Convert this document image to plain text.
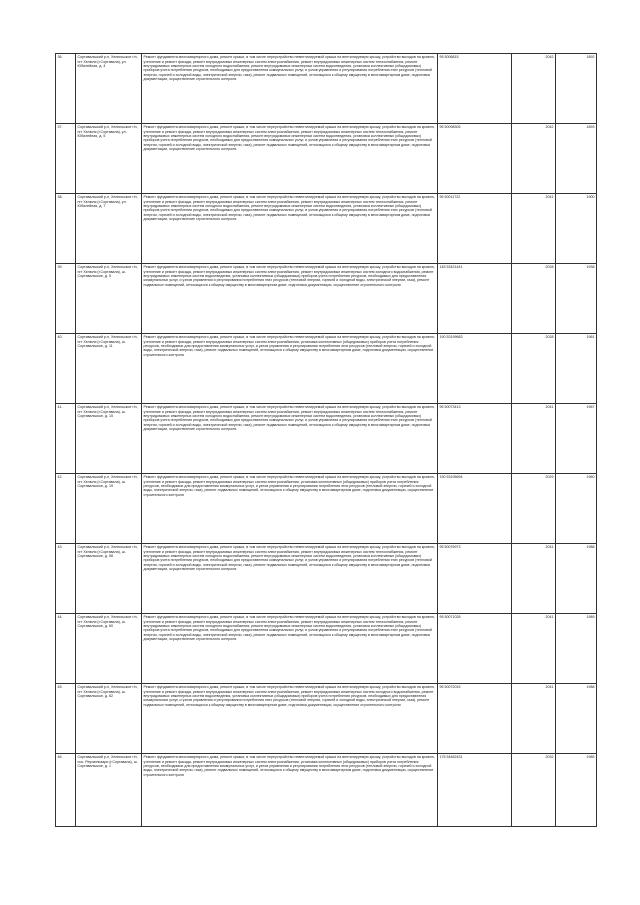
36.	Сортавальский р-н, Хелюльское г/п, пгт Хелюля (г.Сортавала), ул. Юбилейная, д. 4	Ремонт фундамента многоквартирного дома, ремонт крыши, в том числе переустройство невентилируемой крыши на вентилируемую крышу, устройство выходов на кровлю, утепление и ремонт фасада, ремонт внутридомовых инженерных систем электроснабжения, ремонт внутридомовых инженерных систем теплоснабжения, ремонт внутридомовых инженерных систем холодного водоснабжения, ремонт внутридомовых инженерных систем водоотведения, установка коллективных (общедомовых) приборов учета потребления ресурсов, необходимых для предоставления коммунальных услуг, и узлов управления и регулирования потребления этих ресурсов (тепловой энергии, горячей и холодной воды, электрической энергии, газа), ремонт подвальных помещений, относящихся к общему имуществу в многоквартирном доме, подготовка документации, осуществление строительного контроля	95 5006815	2042	1892
37.	Сортавальский р-н, Хелюльское г/п, пгт Хелюля (г.Сортавала), ул. Юбилейная, д. 5	Ремонт фундамента многоквартирного дома, ремонт крыши, в том числе переустройство невентилируемой крыши на вентилируемую крышу, устройство выходов на кровлю, утепление и ремонт фасада, ремонт внутридомовых инженерных систем электроснабжения, ремонт внутридомовых инженерных систем теплоснабжения, ремонт внутридомовых инженерных систем холодного водоснабжения, ремонт внутридомовых инженерных систем водоотведения, установка коллективных (общедомовых) приборов учета потребления ресурсов, необходимых для предоставления коммунальных услуг, и узлов управления и регулирования потребления этих ресурсов (тепловой энергии, горячей и холодной воды, электрической энергии, газа), ремонт подвальных помещений, относящихся к общему имуществу в многоквартирном доме, подготовка документации, осуществление строительного контроля	95 50098305	2042	1893
38.	Сортавальский р-н, Хелюльское г/п, пгт Хелюля (г.Сортавала), ул. Юбилейная, д. 7	Ремонт фундамента многоквартирного дома, ремонт крыши, в том числе переустройство невентилируемой крыши на вентилируемую крышу, устройство выходов на кровлю, утепление и ремонт фасада, ремонт внутридомовых инженерных систем электроснабжения, ремонт внутридомовых инженерных систем теплоснабжения, ремонт внутридомовых инженерных систем холодного водоснабжения, ремонт внутридомовых инженерных систем водоотведения, установка коллективных (общедомовых) приборов учета потребления ресурсов, необходимых для предоставления коммунальных услуг, и узлов управления и регулирования потребления этих ресурсов (тепловой энергии, горячей и холодной воды, электрической энергии, газа), ремонт подвальных помещений, относящихся к общему имуществу в многоквартирном доме, подготовка документации, осуществление строительного контроля	95 50011722	2041	1900
39.	Сортавальский р-н, Хелюльское г/п, пгт Хелюля (г.Сортавала), ш. Сортавальское, д. 5	Ремонт фундамента многоквартирного дома, ремонт крыши, в том числе переустройство невентилируемой крыши на вентилируемую крышу, устройство выходов на кровлю, утепление и ремонт фасада, ремонт внутридомовых инженерных систем электроснабжения, ремонт внутридомовых инженерных систем холодного водоснабжения, ремонт внутридомовых инженерных систем водоотведения, установка коллективных (общедомовых) приборов учета потребления ресурсов, необходимых для предоставления коммунальных услуг, и узлов управления и регулирования потребления этих ресурсов (тепловой энергии, горячей и холодной воды, электрической энергии, газа), ремонт подвальных помещений, относящихся к общему имуществу в многоквартирном доме, подготовка документации, осуществление строительного контроля	145 53421441	2028	1938
40.	Сортавальский р-н, Хелюльское г/п, пгт Хелюля (г.Сортавала), ш. Сортавальское, д. 11	Ремонт фундамента многоквартирного дома, ремонт крыши, в том числе переустройство невентилируемой крыши на вентилируемую крышу, устройство выходов на кровлю, утепление и ремонт фасада, ремонт внутридомовых инженерных систем электроснабжения, установка коллективных (общедомовых) приборов учета потребления ресурсов, необходимых для предоставления коммунальных услуг, и узлов управления и регулирования потребления этих ресурсов (тепловой энергии, горячей и холодной воды, электрической энергии, газа), ремонт подвальных помещений, относящихся к общему имуществу в многоквартирном доме, подготовка документации, осуществление строительного контроля	190 53199683	2028	1961
41.	Сортавальский р-н, Хелюльское г/п, пгт Хелюля (г.Сортавала), ш. Сортавальское, д. 15	Ремонт фундамента многоквартирного дома, ремонт крыши, в том числе переустройство невентилируемой крыши на вентилируемую крышу, устройство выходов на кровлю, утепление и ремонт фасада, ремонт внутридомовых инженерных систем электроснабжения, ремонт внутридомовых инженерных систем теплоснабжения, ремонт внутридомовых инженерных систем холодного водоснабжения, ремонт внутридомовых инженерных систем водоотведения, установка коллективных (общедомовых) приборов учета потребления ресурсов, необходимых для предоставления коммунальных услуг, и узлов управления и регулирования потребления этих ресурсов (тепловой энергии, горячей и холодной воды, электрической энергии, газа), ремонт подвальных помещений, относящихся к общему имуществу в многоквартирном доме, подготовка документации, осуществление строительного контроля	95 50073413	2041	1967
42.	Сортавальский р-н, Хелюльское г/п, пгт Хелюля (г.Сортавала), ш. Сортавальское, д. 19	Ремонт фундамента многоквартирного дома, ремонт крыши, в том числе переустройство невентилируемой крыши на вентилируемую крышу, устройство выходов на кровлю, утепление и ремонт фасада, ремонт внутридомовых инженерных систем электроснабжения, установка коллективных (общедомовых) приборов учета потребления ресурсов, необходимых для предоставления коммунальных услуг, и узлов управления и регулирования потребления этих ресурсов (тепловой энергии, горячей и холодной воды, электрической энергии, газа), ремонт подвальных помещений, относящихся к общему имуществу в многоквартирном доме, подготовка документации, осуществление строительного контроля	190 53195694	2029	1960
43.	Сортавальский р-н, Хелюльское г/п, пгт Хелюля (г.Сортавала), ш. Сортавальское, д. 58	Ремонт фундамента многоквартирного дома, ремонт крыши, в том числе переустройство невентилируемой крыши на вентилируемую крышу, устройство выходов на кровлю, утепление и ремонт фасада, ремонт внутридомовых инженерных систем электроснабжения, ремонт внутридомовых инженерных систем теплоснабжения, ремонт внутридомовых инженерных систем холодного водоснабжения, ремонт внутридомовых инженерных систем водоотведения, установка коллективных (общедомовых) приборов учета потребления ресурсов, необходимых для предоставления коммунальных услуг, и узлов управления и регулирования потребления этих ресурсов (тепловой энергии, горячей и холодной воды, электрической энергии, газа), ремонт подвальных помещений, относящихся к общему имуществу в многоквартирном доме, подготовка документации, осуществление строительного контроля	95 50076973	2041	1988
44.	Сортавальский р-н, Хелюльское г/п, пгт Хелюля (г.Сортавала), ш. Сортавальское, д. 60	Ремонт фундамента многоквартирного дома, ремонт крыши, в том числе переустройство невентилируемой крыши на вентилируемую крышу, устройство выходов на кровлю, утепление и ремонт фасада, ремонт внутридомовых инженерных систем электроснабжения, ремонт внутридомовых инженерных систем теплоснабжения, ремонт внутридомовых инженерных систем холодного водоснабжения, ремонт внутридомовых инженерных систем водоотведения, установка коллективных (общедомовых) приборов учета потребления ресурсов, необходимых для предоставления коммунальных услуг, и узлов управления и регулирования потребления этих ресурсов (тепловой энергии, горячей и холодной воды, электрической энергии, газа), ремонт подвальных помещений, относящихся к общему имуществу в многоквартирном доме, подготовка документации, осуществление строительного контроля	95 50071028	2041	1989
45.	Сортавальский р-н, Хелюльское г/п, пгт Хелюля (г.Сортавала), ш. Сортавальское, д. 62	Ремонт фундамента многоквартирного дома, ремонт крыши, в том числе переустройство невентилируемой крыши на вентилируемую крышу, устройство выходов на кровлю, утепление и ремонт фасада, ремонт внутридомовых инженерных систем электроснабжения, ремонт внутридомовых инженерных систем холодного водоснабжения, ремонт внутридомовых инженерных систем водоотведения, установка коллективных (общедомовых) приборов учета потребления ресурсов, необходимых для предоставления коммунальных услуг, и узлов управления и регулирования потребления этих ресурсов (тепловой энергии, горячей и холодной воды, электрической энергии, газа), ремонт подвальных помещений, относящихся к общему имуществу в многоквартирном доме, подготовка документации, осуществление строительного контроля	95 50072015	2041	1988
46.	Сортавальский р-н, Хелюльское г/п, пос. Реускинсаари (г.Сортавала), ш. Сортавальское, д. 1	Ремонт фундамента многоквартирного дома, ремонт крыши, в том числе переустройство невентилируемой крыши на вентилируемую крышу, устройство выходов на кровлю, утепление и ремонт фасада, ремонт внутридомовых инженерных систем электроснабжения, установка коллективных (общедомовых) приборов учета потребления ресурсов, необходимых для предоставления коммунальных услуг, и узлов управления и регулирования потребления этих ресурсов (тепловой энергии, горячей и холодной воды, электрической энергии, газа), ремонт подвальных помещений, относящихся к общему имуществу в многоквартирном доме, подготовка документации, осуществление строительного контроля	175 54462431	2032	1985
